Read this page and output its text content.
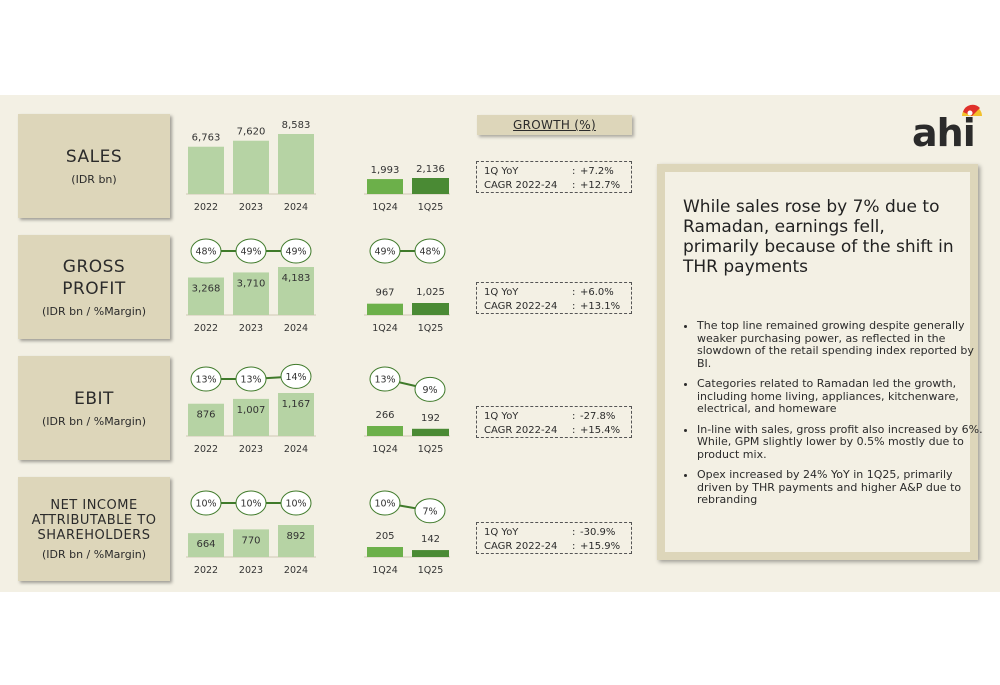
SALES
(IDR bn)
GROSS
PROFIT
(IDR bn / %Margin)
EBIT
(IDR bn / %Margin)
NET INCOME
ATTRIBUTABLE TO
SHAREHOLDERS
(IDR bn / %Margin)
6,763
2022
7,620
2023
8,583
2024
1,993
1Q24
2,136
1Q25
3,268
2022
3,710
2023
4,183
2024
967
1Q24
1,025
1Q25
48%	49%	49%	49%	48%
876
2022
1,007
2023
1,167
2024
266
1Q24
192
1Q25
13%	13%	14%	13%
9%
664
2022
770
2023
892
2024
205
1Q24
142
1Q25
10%	10%	10%	10%
7%
GROWTH (%)
1Q YoY	: +7.2%
CAGR 2022-24 : +12.7%
1Q YoY	: +6.0%
CAGR 2022-24 : +13.1%
1Q YoY	: -27.8%
CAGR 2022-24 : +15.4%
1Q YoY	: -30.9%
CAGR 2022-24 : +15.9%
ahi
While sales rose by 7% due to Ramadan, earnings fell, primarily because of the shift in THR payments
• The top line remained growing despite generally weaker purchasing power, as reflected in the slowdown of the retail spending index reported by BI.
• Categories related to Ramadan led the growth, including home living, appliances, kitchenware, electrical, and homeware
• In-line with sales, gross profit also increased by 6%. While, GPM slightly lower by 0.5% mostly due to product mix.
• Opex increased by 24% YoY in 1Q25, primarily driven by THR payments and higher A&P due to rebranding
